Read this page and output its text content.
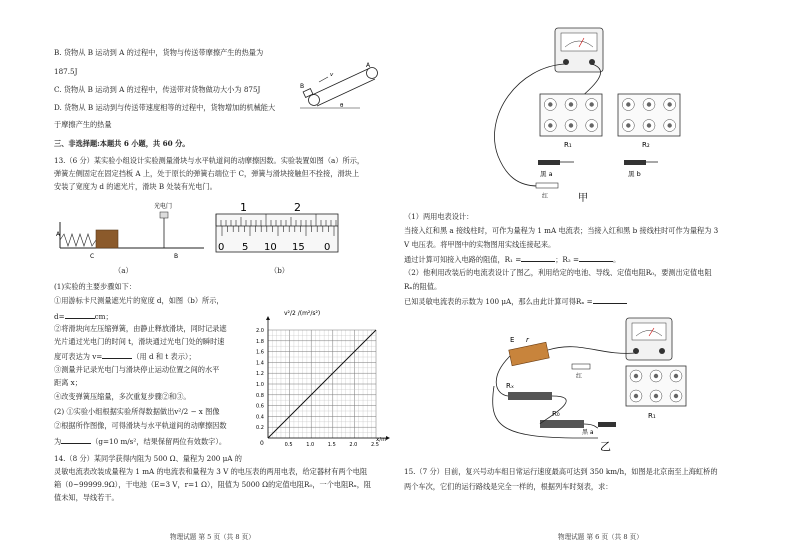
B. 货物从 B 运动到 A 的过程中，货物与传送带摩擦产生的热量为
187.5J
C. 货物从 B 运动到 A 的过程中，传送带对货物做功大小为 875J
D. 货物从 B 运动到与传送带速度相等的过程中，货物增加的机械能大
于摩擦产生的热量
A
B
v
θ
三、非选择题:本题共 6 小题，共 60 分。
13.（6 分）某实验小组设计实验测量滑块与水平轨道间的动摩擦因数。实验装置如图（a）所示，
弹簧左侧固定在固定挡板 A 上，处于原长的弹簧右端位于 C，弹簧与滑块接触但不拴接，滑块上
安装了宽度为 d 的遮光片，滑块 B 处装有光电门。
光电门
A
C	B
（a）
1	2
0 5 10 15 0
（b）
(1)实验的主要步骤如下：
①用游标卡尺测量遮光片的宽度 d，如图（b）所示，
d=	cm；
②将滑块向左压缩弹簧，由静止释放滑块，同时记录遮
光片通过光电门的时间 t，滑块通过光电门处的瞬时速
度可表达为 v=	（用 d 和 t 表示）；
③测量并记录光电门与滑块停止运动位置之间的水平
距离 x；
④改变弹簧压缩量，多次重复步骤②和③。
(2) ①实验小组根据实验所得数据做出v²/2 − x 图像
②根据所作图像，可得滑块与水平轨道间的动摩擦因数
为	（g=10 m/s²，结果保留两位有效数字）。	0.5	1.0	1.5	2.0	2.5
0.2
0.4
0.6
0.8
1.0
1.2
1.4
1.6
1.8
2.0
v²/2 /(m²/s²)
x/m
0
14.（8 分）某同学获得内阻为 500 Ω、量程为 200 μA 的
灵敏电流表改装成量程为 1 mA 的电流表和量程为 3 V 的电压表的两用电表，给定器材有两个电阻
箱（0~99999.9Ω），干电池（E=3 V，r=1 Ω），阻值为 5000 Ω的定值电阻R₀，一个电阻Rₓ，阻
值未知，导线若干。
物理试题 第 5 页（共 8 页）
R₁	R₂
黑 a	黑 b
红	甲
（1）两用电表设计：
当接入红和黑 a 接线柱时，可作为量程为 1 mA 电流表；当接入红和黑 b 接线柱时可作为量程为 3
V 电压表。将甲图中的实物图用实线连接起来。
通过计算可知接入电路的阻值，R₁ =	；R₂ =	。
（2）他利用改装后的电流表设计了图乙，利用给定的电池、导线、定值电阻R₀，要测出定值电阻
Rₓ的阻值。
已知灵敏电流表的示数为 100 μA，那么由此计算可得Rₓ =
E r
Rₓ
R₀	R₁
黑 a
红
乙
15.（7 分）目前，复兴号动车组日常运行速度最高可达到 350 km/h，如图是北京南至上海虹桥的
两个车次，它们的运行路线是完全一样的，根据列车时刻表，求：
物理试题 第 6 页（共 8 页）
